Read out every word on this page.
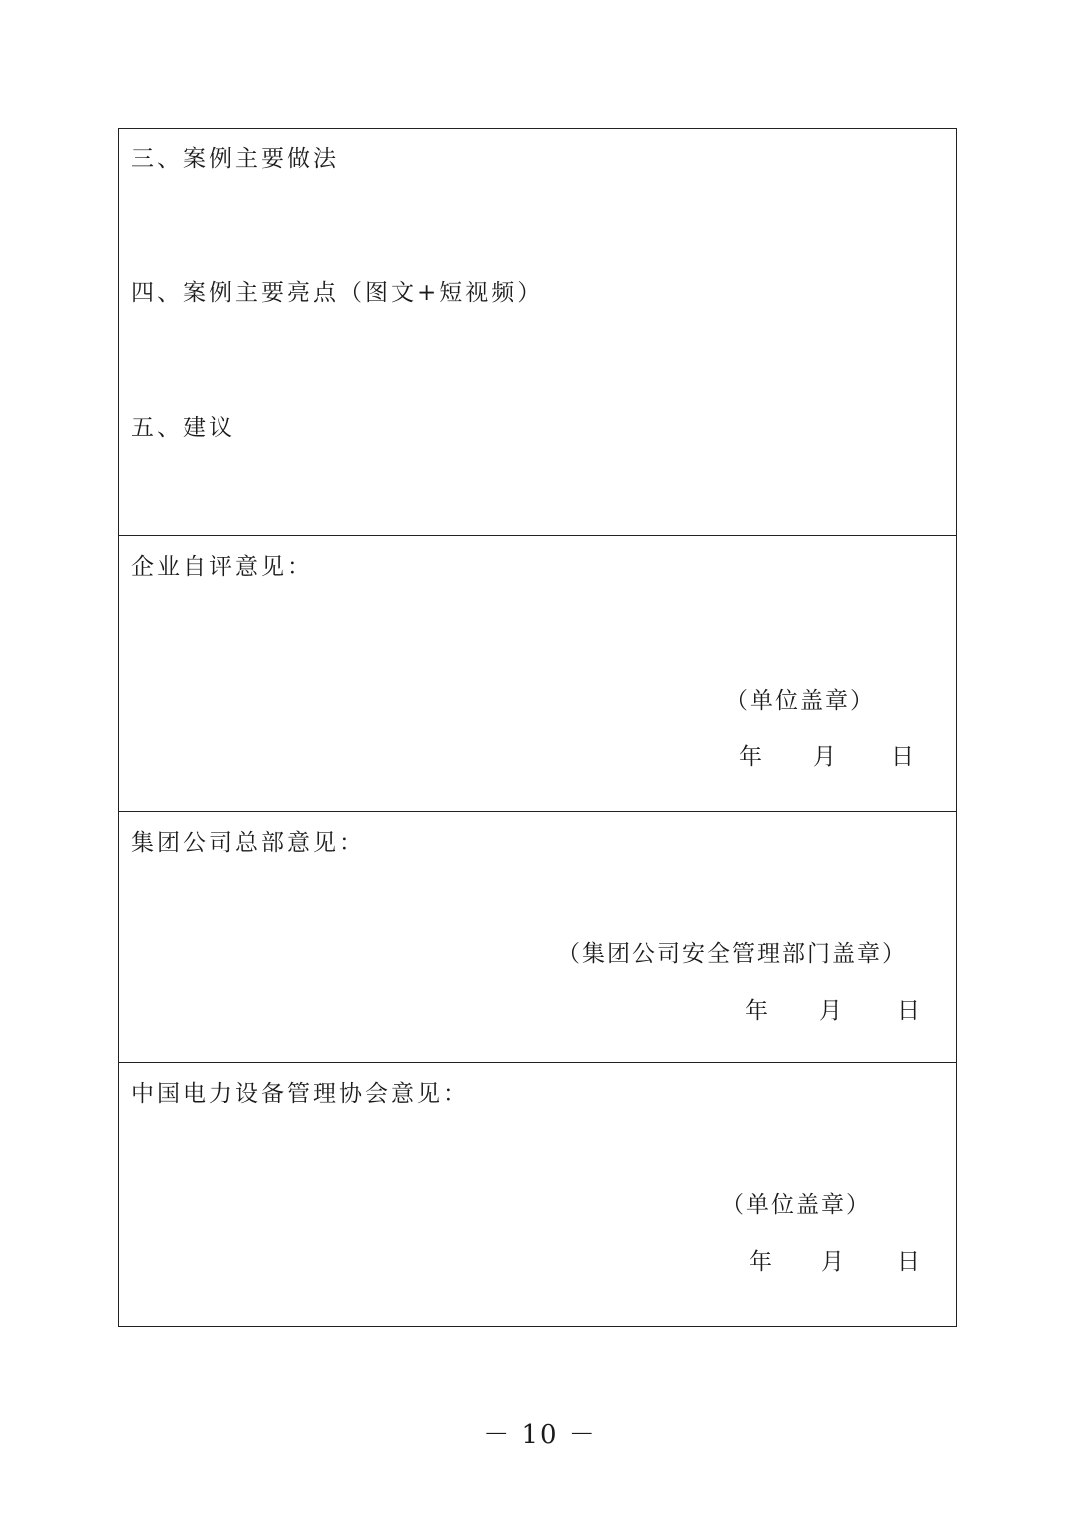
三、案例主要做法
四、案例主要亮点（图文+短视频）
五、建议
企业自评意见：
（单位盖章）
年 月 日
集团公司总部意见：
（集团公司安全管理部门盖章）
年 月 日
中国电力设备管理协会意见：
（单位盖章）
年 月 日
－ 10 －
